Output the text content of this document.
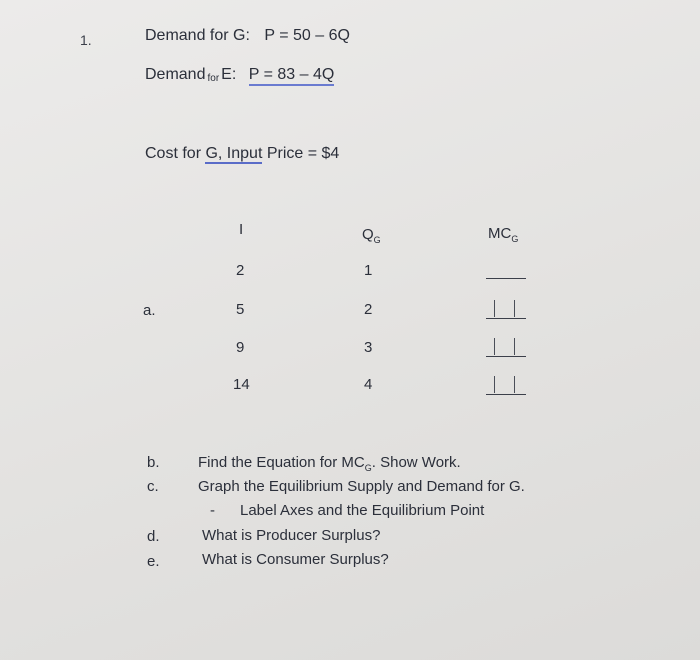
1.	Demand for G: P = 50 – 6Q
Demand for E: P = 83 – 4Q
Cost for G, Input Price = $4
I	$Q_G$	$MC_G$
a.
2	1
5	2
9	3
14	4
b.	Find the Equation for $MC_G$. Show Work.
c.	Graph the Equilibrium Supply and Demand for G.
- Label Axes and the Equilibrium Point
d.	What is Producer Surplus?
e.	What is Consumer Surplus?
